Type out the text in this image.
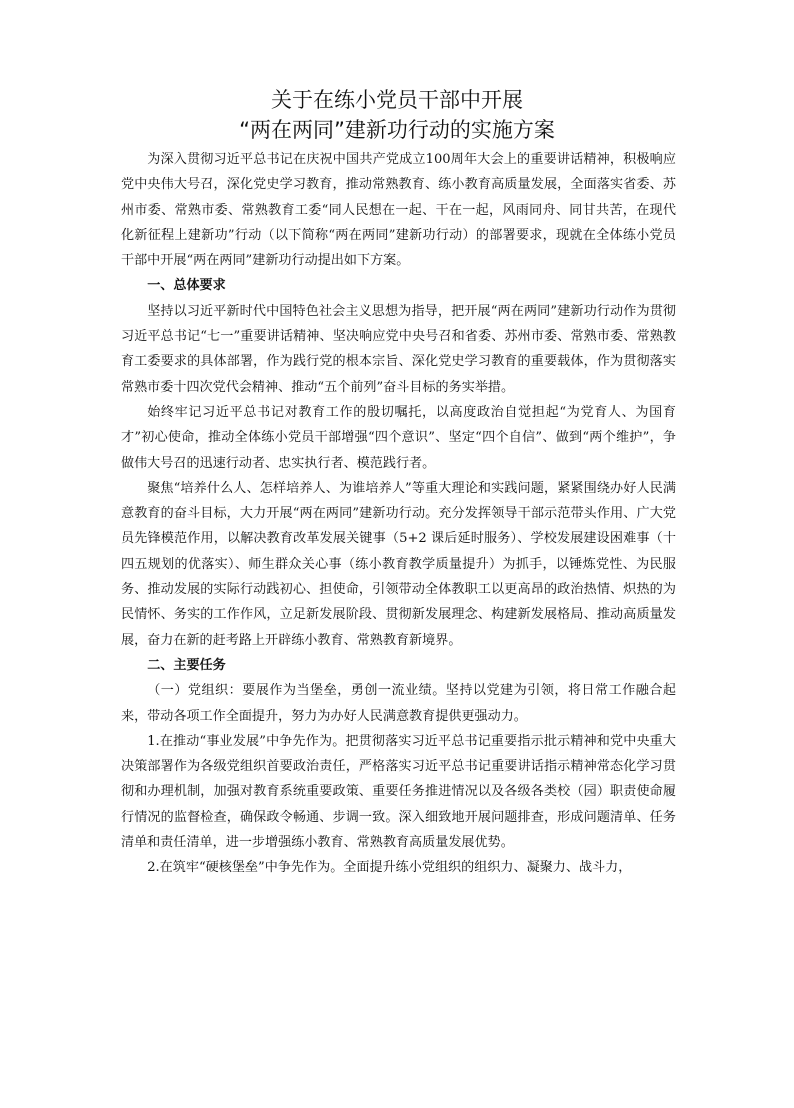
关于在练小党员干部中开展
“两在两同”建新功行动的实施方案

为深入贯彻习近平总书记在庆祝中国共产党成立100周年大会上的重要讲话精神，积极响应党中央伟大号召，深化党史学习教育，推动常熟教育、练小教育高质量发展，全面落实省委、苏州市委、常熟市委、常熟教育工委“同人民想在一起、干在一起，风雨同舟、同甘共苦，在现代化新征程上建新功”行动（以下简称“两在两同”建新功行动）的部署要求，现就在全体练小党员干部中开展“两在两同”建新功行动提出如下方案。

一、总体要求

坚持以习近平新时代中国特色社会主义思想为指导，把开展“两在两同”建新功行动作为贯彻习近平总书记“七一”重要讲话精神、坚决响应党中央号召和省委、苏州市委、常熟市委、常熟教育工委要求的具体部署，作为践行党的根本宗旨、深化党史学习教育的重要载体，作为贯彻落实常熟市委十四次党代会精神、推动“五个前列”奋斗目标的务实举措。

始终牢记习近平总书记对教育工作的殷切嘱托，以高度政治自觉担起“为党育人、为国育才”初心使命，推动全体练小党员干部增强“四个意识”、坚定“四个自信”、做到“两个维护”，争做伟大号召的迅速行动者、忠实执行者、模范践行者。

聚焦“培养什么人、怎样培养人、为谁培养人”等重大理论和实践问题，紧紧围绕办好人民满意教育的奋斗目标，大力开展“两在两同”建新功行动。充分发挥领导干部示范带头作用、广大党员先锋模范作用，以解决教育改革发展关键事（5+2 课后延时服务）、学校发展建设困难事（十四五规划的优落实）、师生群众关心事（练小教育教学质量提升）为抓手，以锤炼党性、为民服务、推动发展的实际行动践初心、担使命，引领带动全体教职工以更高昂的政治热情、炽热的为民情怀、务实的工作作风，立足新发展阶段、贯彻新发展理念、构建新发展格局、推动高质量发展，奋力在新的赶考路上开辟练小教育、常熟教育新境界。

二、主要任务

（一）党组织：要展作为当堡垒，勇创一流业绩。坚持以党建为引领，将日常工作融合起来，带动各项工作全面提升，努力为办好人民满意教育提供更强动力。

1.在推动“事业发展”中争先作为。把贯彻落实习近平总书记重要指示批示精神和党中央重大决策部署作为各级党组织首要政治责任，严格落实习近平总书记重要讲话指示精神常态化学习贯彻和办理机制，加强对教育系统重要政策、重要任务推进情况以及各级各类校（园）职责使命履行情况的监督检查，确保政令畅通、步调一致。深入细致地开展问题排查，形成问题清单、任务清单和责任清单，进一步增强练小教育、常熟教育高质量发展优势。

2.在筑牢“硬核堡垒”中争先作为。全面提升练小党组织的组织力、凝聚力、战斗力，
